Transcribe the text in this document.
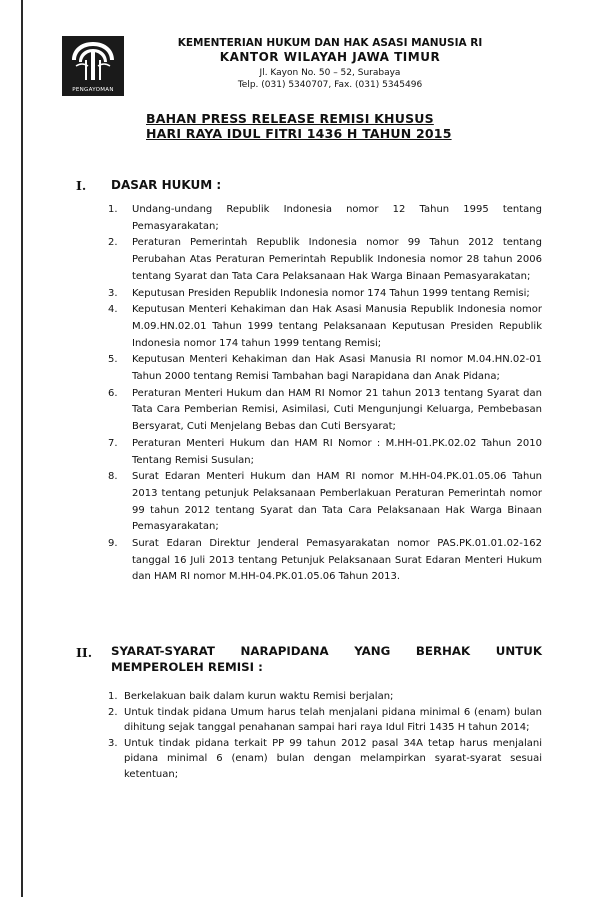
PENGAYOMAN
KEMENTERIAN HUKUM DAN HAK ASASI MANUSIA RI
KANTOR WILAYAH JAWA TIMUR
Jl. Kayon No. 50 – 52, Surabaya
Telp. (031) 5340707, Fax. (031) 5345496
BAHAN PRESS RELEASE REMISI KHUSUS
HARI RAYA IDUL FITRI 1436 H TAHUN 2015
I. DASAR HUKUM :
1. Undang-undang Republik Indonesia nomor 12 Tahun 1995 tentang Pemasyarakatan;
2. Peraturan Pemerintah Republik Indonesia nomor 99 Tahun 2012 tentang Perubahan Atas Peraturan Pemerintah Republik Indonesia nomor 28 tahun 2006 tentang Syarat dan Tata Cara Pelaksanaan Hak Warga Binaan Pemasyarakatan;
3. Keputusan Presiden Republik Indonesia nomor 174 Tahun 1999 tentang Remisi;
4. Keputusan Menteri Kehakiman dan Hak Asasi Manusia Republik Indonesia nomor M.09.HN.02.01 Tahun 1999 tentang Pelaksanaan Keputusan Presiden Republik Indonesia nomor 174 tahun 1999 tentang Remisi;
5. Keputusan Menteri Kehakiman dan Hak Asasi Manusia RI nomor M.04.HN.02-01 Tahun 2000 tentang Remisi Tambahan bagi Narapidana dan Anak Pidana;
6. Peraturan Menteri Hukum dan HAM RI Nomor 21 tahun 2013 tentang Syarat dan Tata Cara Pemberian Remisi, Asimilasi, Cuti Mengunjungi Keluarga, Pembebasan Bersyarat, Cuti Menjelang Bebas dan Cuti Bersyarat;
7. Peraturan Menteri Hukum dan HAM RI Nomor : M.HH-01.PK.02.02 Tahun 2010 Tentang Remisi Susulan;
8. Surat Edaran Menteri Hukum dan HAM RI nomor M.HH-04.PK.01.05.06 Tahun 2013 tentang petunjuk Pelaksanaan Pemberlakuan Peraturan Pemerintah nomor 99 tahun 2012 tentang Syarat dan Tata Cara Pelaksanaan Hak Warga Binaan Pemasyarakatan;
9. Surat Edaran Direktur Jenderal Pemasyarakatan nomor PAS.PK.01.01.02-162 tanggal 16 Juli 2013 tentang Petunjuk Pelaksanaan Surat Edaran Menteri Hukum dan HAM RI nomor M.HH-04.PK.01.05.06 Tahun 2013.
II. SYARAT-SYARAT NARAPIDANA YANG BERHAK UNTUK MEMPEROLEH REMISI :
1. Berkelakuan baik dalam kurun waktu Remisi berjalan;
2. Untuk tindak pidana Umum harus telah menjalani pidana minimal 6 (enam) bulan dihitung sejak tanggal penahanan sampai hari raya Idul Fitri 1435 H tahun 2014;
3. Untuk tindak pidana terkait PP 99 tahun 2012 pasal 34A tetap harus menjalani pidana minimal 6 (enam) bulan dengan melampirkan syarat-syarat sesuai ketentuan;
